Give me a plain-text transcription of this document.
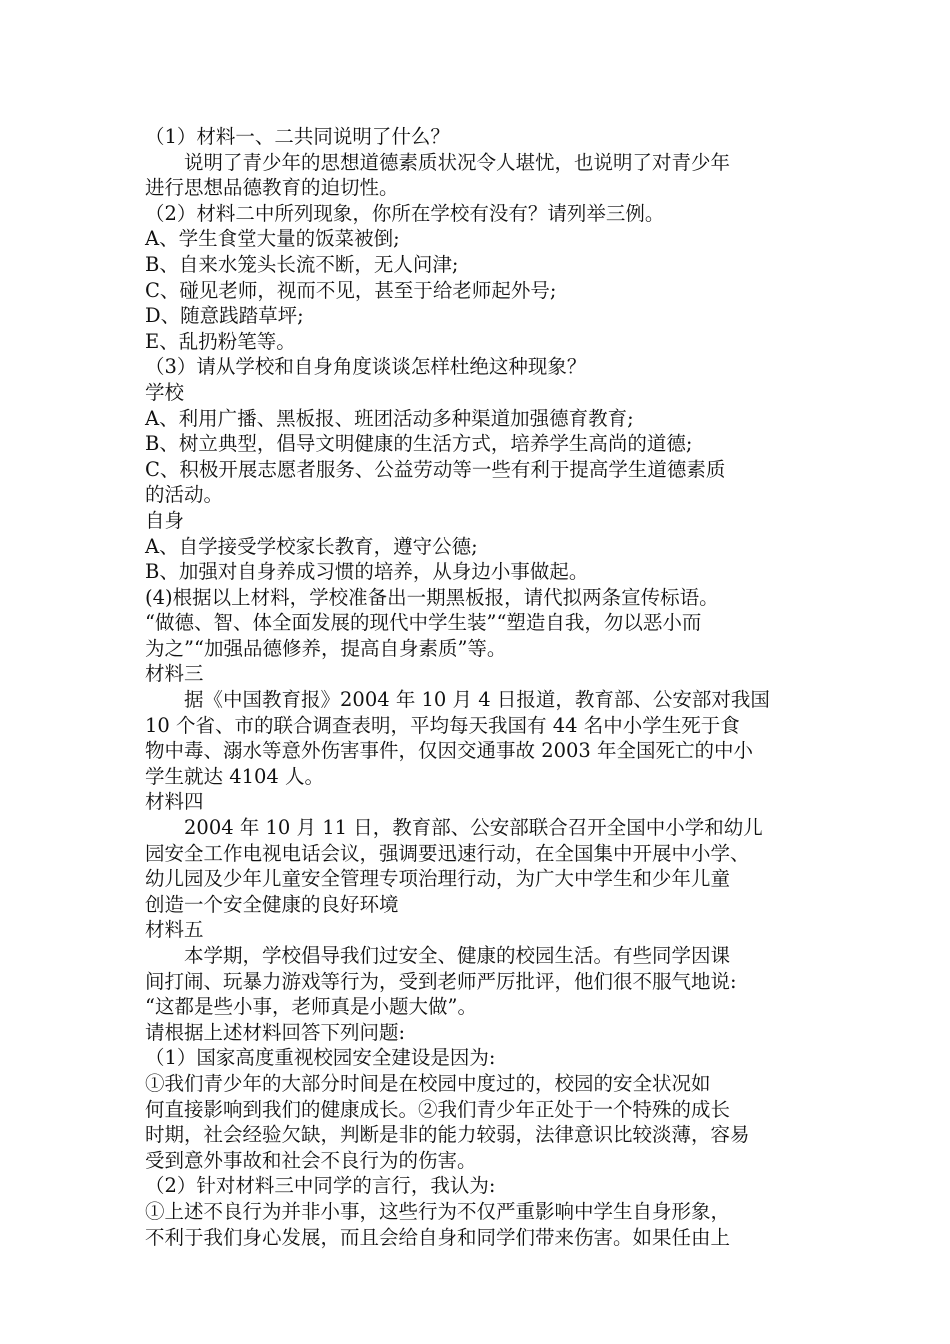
（1）材料一、二共同说明了什么？
　　说明了青少年的思想道德素质状况令人堪忧，也说明了对青少年
进行思想品德教育的迫切性。
（2）材料二中所列现象，你所在学校有没有？请列举三例。
A、学生食堂大量的饭菜被倒;
B、自来水笼头长流不断，无人问津;
C、碰见老师，视而不见，甚至于给老师起外号;
D、随意践踏草坪;
E、乱扔粉笔等。
（3）请从学校和自身角度谈谈怎样杜绝这种现象？
学校
A、利用广播、黑板报、班团活动多种渠道加强德育教育;
B、树立典型，倡导文明健康的生活方式，培养学生高尚的道德;
C、积极开展志愿者服务、公益劳动等一些有利于提高学生道德素质
的活动。
自身
A、自学接受学校家长教育，遵守公德;
B、加强对自身养成习惯的培养，从身边小事做起。
(4)根据以上材料，学校准备出一期黑板报，请代拟两条宣传标语。
“做德、智、体全面发展的现代中学生装”“塑造自我，勿以恶小而
为之”“加强品德修养，提高自身素质”等。
材料三
　　据《中国教育报》2004 年 10 月 4 日报道，教育部、公安部对我国
10 个省、市的联合调查表明，平均每天我国有 44 名中小学生死于食
物中毒、溺水等意外伤害事件，仅因交通事故 2003 年全国死亡的中小
学生就达 4104 人。
材料四
　　2004 年 10 月 11 日，教育部、公安部联合召开全国中小学和幼儿
园安全工作电视电话会议，强调要迅速行动，在全国集中开展中小学、
幼儿园及少年儿童安全管理专项治理行动，为广大中学生和少年儿童
创造一个安全健康的良好环境
材料五
　　本学期，学校倡导我们过安全、健康的校园生活。有些同学因课
间打闹、玩暴力游戏等行为，受到老师严厉批评，他们很不服气地说:
“这都是些小事，老师真是小题大做”。
请根据上述材料回答下列问题:
（1）国家高度重视校园安全建设是因为:
①我们青少年的大部分时间是在校园中度过的，校园的安全状况如
何直接影响到我们的健康成长。②我们青少年正处于一个特殊的成长
时期，社会经验欠缺，判断是非的能力较弱，法律意识比较淡薄，容易
受到意外事故和社会不良行为的伤害。
（2）针对材料三中同学的言行，我认为:
①上述不良行为并非小事，这些行为不仅严重影响中学生自身形象，
不利于我们身心发展，而且会给自身和同学们带来伤害。如果任由上
